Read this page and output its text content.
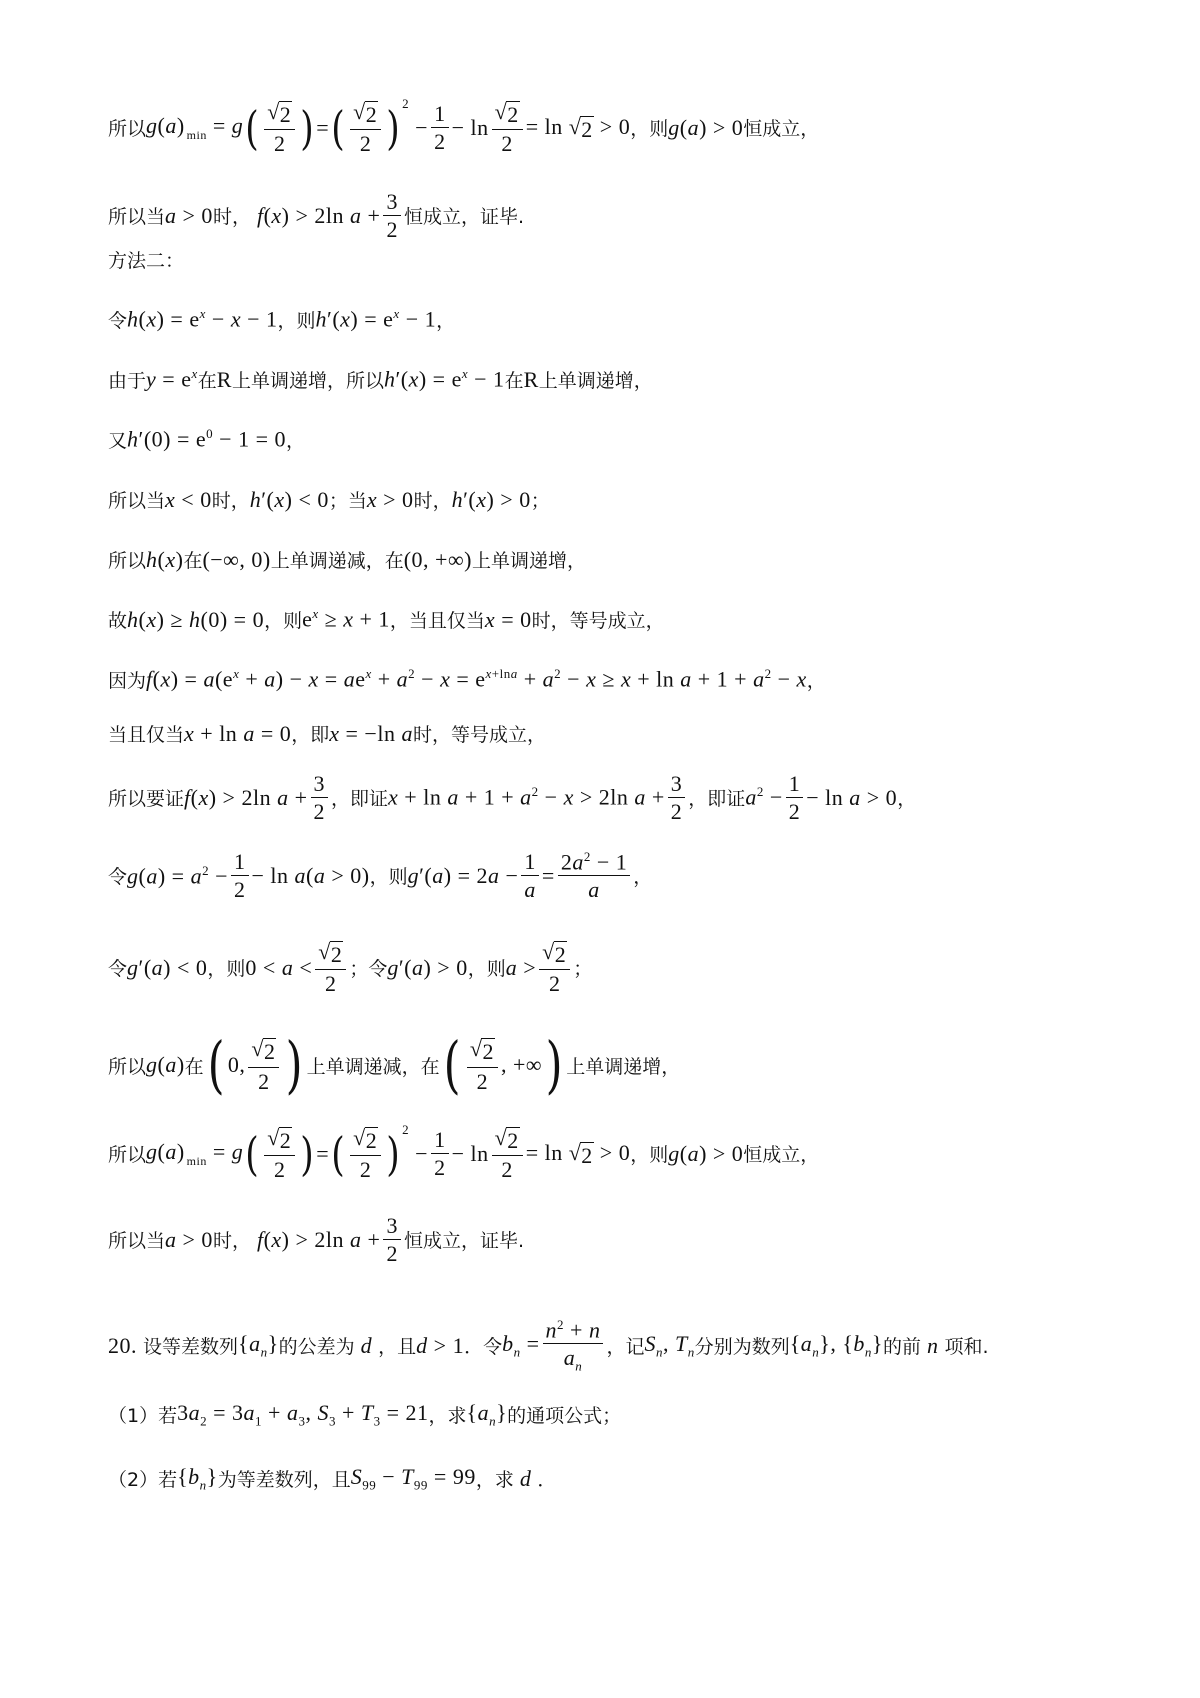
所以 g(a) $_{min}$ = g ( $\frac{√ 2}{2}$ ) = ( $\frac{√ 2}{2}$ ) 2
− $\frac{1}{2} - \ln \frac{√ 2}{2} = \ln$ √ 2 > 0 ，则 g(a) > 0 恒成立，
所以当 a > 0 时， f(x) > 2ln $a + \frac{3}{2}$ 恒成立，证毕.
方法二：
令 $h(x) = e^x - x - 1$ ，则 $h'(x) = e^x - 1$ ，
由于 $y = e^x$ 在 R 上单调递增，所以 $h'(x) = e^x - 1$ 在 R 上单调递增，
又 $h'(0) = e^0 - 1 = 0$ ，
所以当 x < 0 时， h′(x) < 0 ；当 x > 0 时， h′(x) > 0 ；
所以 h(x) 在 (−∞, 0) 上单调递减，在 (0, +∞) 上单调递增，
故 h(x) ≥ h(0) = 0 ，则 $e^x \ge x + 1$ ，当且仅当 x = 0 时，等号成立，
因为 $f(x) = a(e^x + a) - x = ae^x + a^2 - x = e^{x+lna} + a^2 - x \ge x + \ln a + 1 + a^2 - x$ ，
当且仅当 x + ln a = 0 ，即 x = −ln a 时，等号成立，
所以要证 f(x) > 2ln $a + \frac{3}{2}$ ，即证 $x + \ln a + 1 + a^2 - x > 2\ln$ $a + \frac{3}{2}$ ，即证 $a^2 - \frac{1}{2} - \ln a > 0$ ，
令 $g(a) = a^2 - \frac{1}{2} - \ln a(a > 0)$ ，则 $g'(a) = 2a - \frac{1}{a} = \frac{2a^2 - 1}{a}$ ，
令 g′(a) < 0 ，则 $0 < a < \frac{√ 2}{2}$ ；令 g′(a) > 0 ，则 $a > \frac{√ 2}{2}$ ；
所以 g(a) 在 ( 0, $\frac{√ 2}{2}$ ) 上单调递减，在 ( $\frac{√ 2}{2}$ , +∞ ) 上单调递增，
所以 g(a) $_{min}$ = g ( $\frac{√ 2}{2}$ ) = ( $\frac{√ 2}{2}$ ) 2
− $\frac{1}{2} - \ln \frac{√ 2}{2} = \ln$ √ 2 > 0 ，则 g(a) > 0 恒成立，
所以当 a > 0 时， f(x) > 2ln $a + \frac{3}{2}$ 恒成立，证毕.
20. 设等差数列 $\{a_n\}$ 的公差为 d ，且 d > 1 ．令 $b_n = \frac{n^2 + n}{a_n}$ ，记 $S_n$, $T_n$ 分别为数列 $\{a_n\}$, $\{b_n\}$ 的前 n 项和.
（1）若 $3a_2 = 3a_1 + a_3$, $S_3 + T_3 = 21$ ，求 $\{a_n\}$ 的通项公式；
（2）若 $\{b_n\}$ 为等差数列，且 $S_{99} - T_{99} = 99$ ，求 d ．
